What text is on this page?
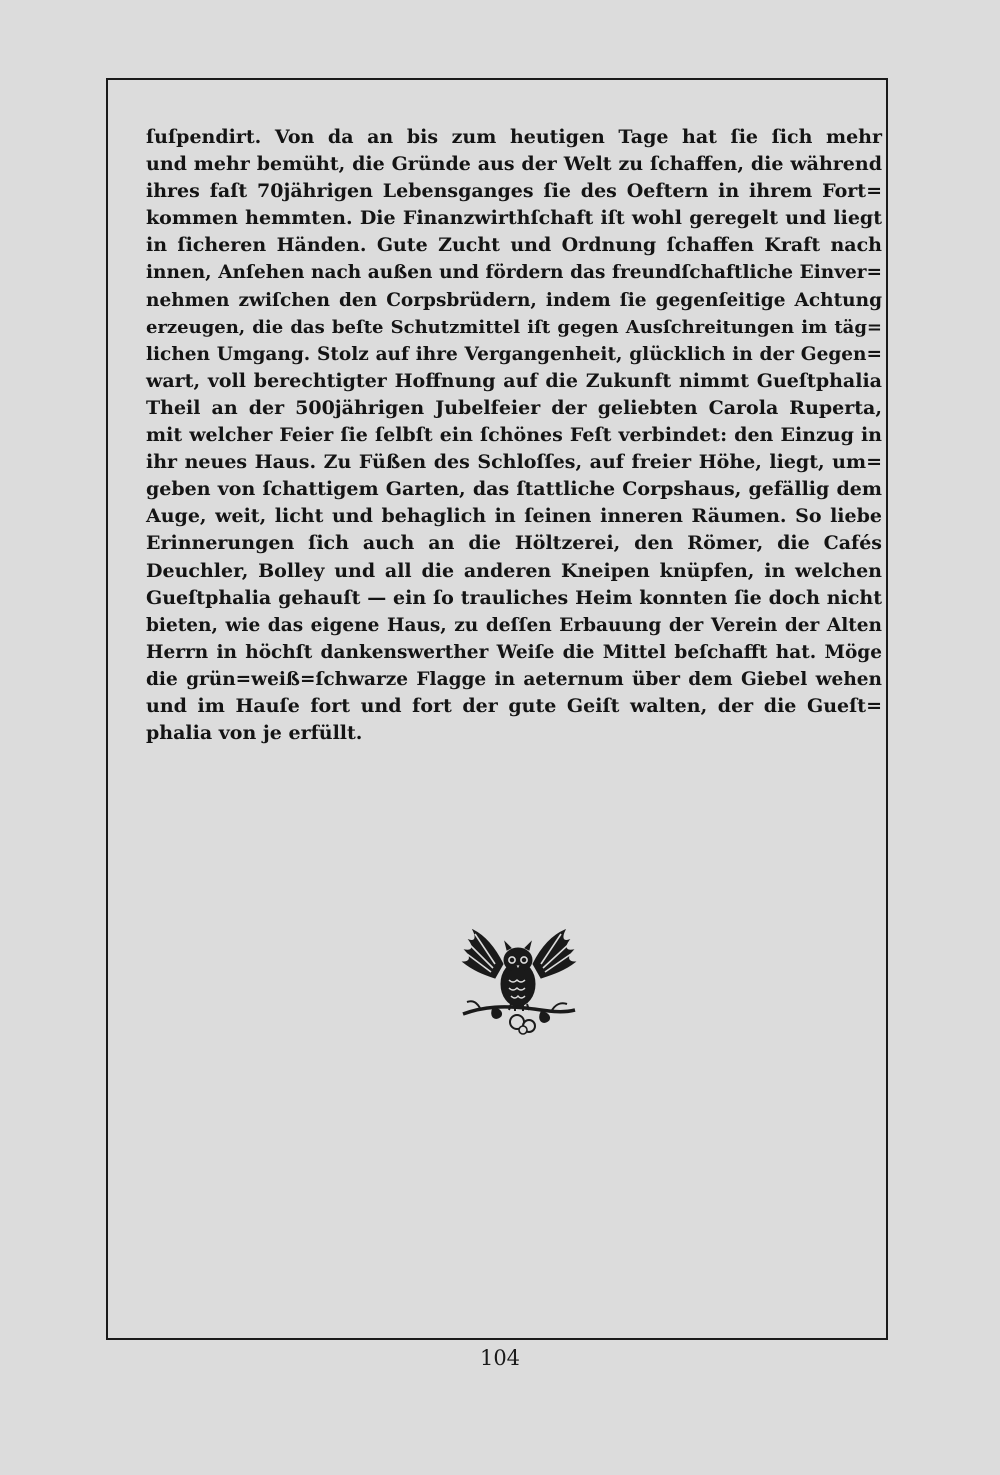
ſuſpendirt. Von da an bis zum heutigen Tage hat ſie ſich mehr
und mehr bemüht, die Gründe aus der Welt zu ſchaffen, die während
ihres faſt 70jährigen Lebensganges ſie des Oeftern in ihrem Fort=
kommen hemmten. Die Finanzwirthſchaft iſt wohl geregelt und liegt
in ſicheren Händen. Gute Zucht und Ordnung ſchaffen Kraft nach
innen, Anſehen nach außen und fördern das freundſchaftliche Einver=
nehmen zwiſchen den Corpsbrüdern, indem ſie gegenſeitige Achtung
erzeugen, die das beſte Schutzmittel iſt gegen Ausſchreitungen im täg=
lichen Umgang. Stolz auf ihre Vergangenheit, glücklich in der Gegen=
wart, voll berechtigter Hoffnung auf die Zukunft nimmt Gueſtphalia
Theil an der 500jährigen Jubelfeier der geliebten Carola Ruperta,
mit welcher Feier ſie ſelbſt ein ſchönes Feſt verbindet: den Einzug in
ihr neues Haus. Zu Füßen des Schloſſes, auf freier Höhe, liegt, um=
geben von ſchattigem Garten, das ſtattliche Corpshaus, gefällig dem
Auge, weit, licht und behaglich in ſeinen inneren Räumen. So liebe
Erinnerungen ſich auch an die Höltzerei, den Römer, die Cafés
Deuchler, Bolley und all die anderen Kneipen knüpfen, in welchen
Gueſtphalia gehauſt — ein ſo trauliches Heim konnten ſie doch nicht
bieten, wie das eigene Haus, zu deſſen Erbauung der Verein der Alten
Herrn in höchſt dankenswerther Weiſe die Mittel beſchafft hat. Möge
die grün=weiß=ſchwarze Flagge in aeternum über dem Giebel wehen
und im Hauſe fort und fort der gute Geiſt walten, der die Gueſt=
phalia von je erfüllt.
104
